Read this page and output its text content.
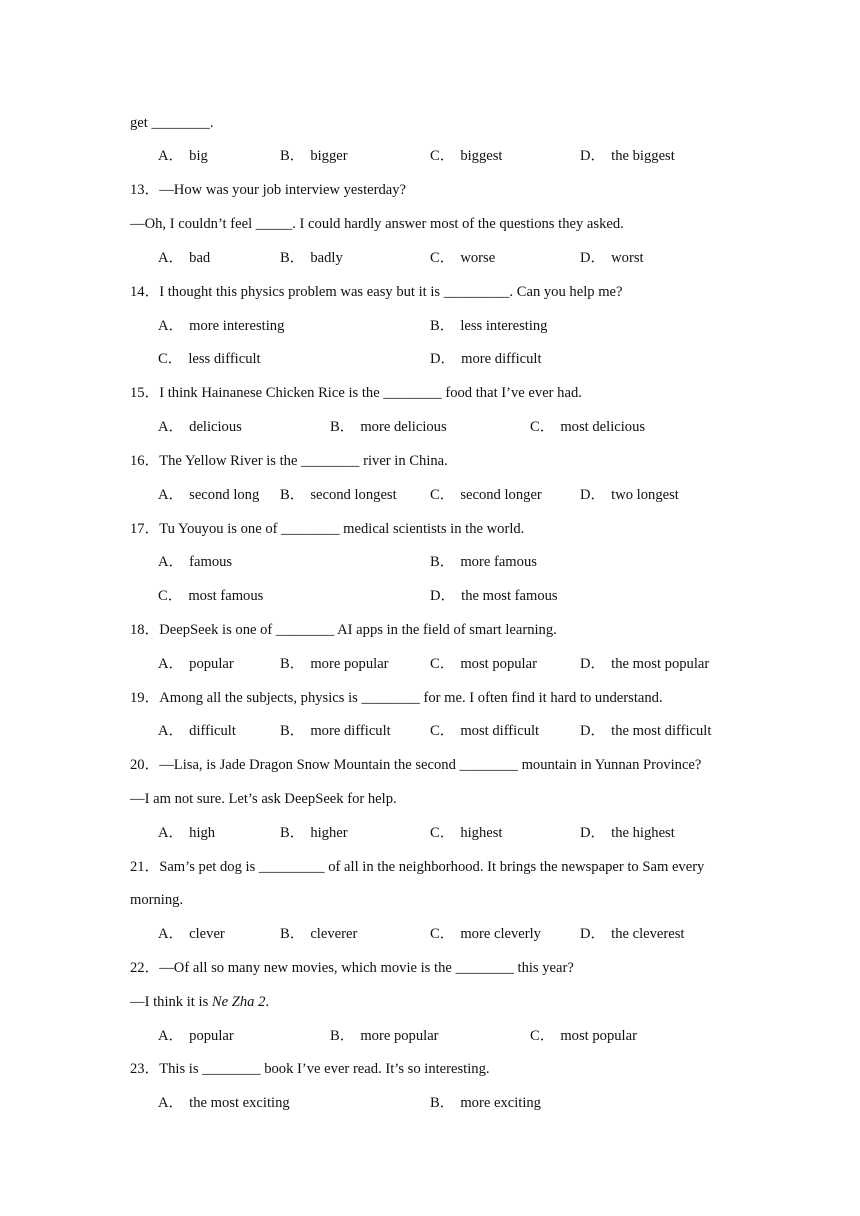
get ________.
A． big	B． bigger	C． biggest	D． the biggest
13．—How was your job interview yesterday?
—Oh, I couldn’t feel _____. I could hardly answer most of the questions they asked.
A． bad	B． badly	C． worse	D． worst
14．I thought this physics problem was easy but it is _________. Can you help me?
A． more interesting	B． less interesting
C． less difficult	D． more difficult
15．I think Hainanese Chicken Rice is the ________ food that I’ve ever had.
A． delicious	B． more delicious	C． most delicious
16．The Yellow River is the ________ river in China.
A． second long B． second longest C． second longer	D． two longest
17．Tu Youyou is one of ________ medical scientists in the world.
A． famous	B． more famous
C． most famous	D． the most famous
18．DeepSeek is one of ________ AI apps in the field of smart learning.
A． popular	B． more popular	C． most popular	D． the most popular
19．Among all the subjects, physics is ________ for me. I often find it hard to understand.
A． difficult	B． more difficult	C． most difficult	D． the most difficult
20．—Lisa, is Jade Dragon Snow Mountain the second ________ mountain in Yunnan Province?
—I am not sure. Let’s ask DeepSeek for help.
A． high	B． higher	C． highest	D． the highest
21．Sam’s pet dog is _________ of all in the neighborhood. It brings the newspaper to Sam every
morning.
A． clever	B． cleverer	C． more cleverly	D． the cleverest
22．—Of all so many new movies, which movie is the ________ this year?
—I think it is Ne Zha 2.
A． popular	B． more popular	C． most popular
23．This is ________ book I’ve ever read. It’s so interesting.
A． the most exciting	B． more exciting
